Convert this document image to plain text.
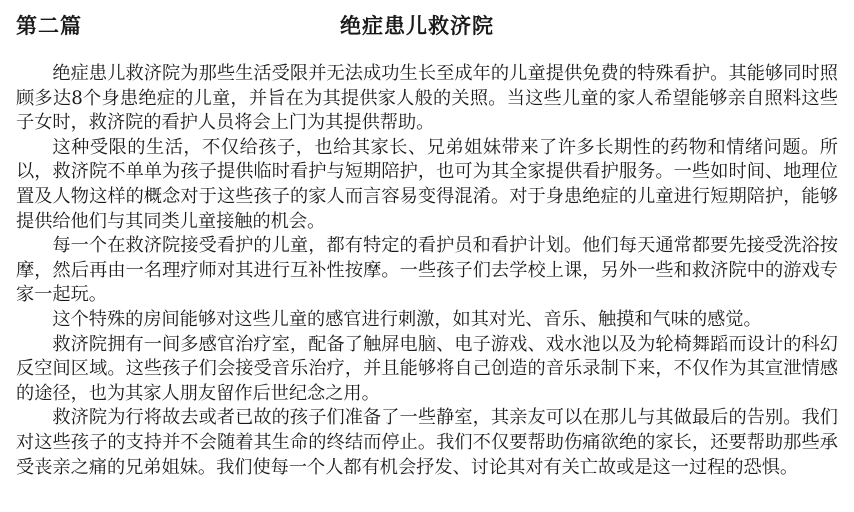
第二篇	绝症患儿救济院

绝症患儿救济院为那些生活受限并无法成功生长至成年的儿童提供免费的特殊看护。其能够同时照顾多达8个身患绝症的儿童，并旨在为其提供家人般的关照。当这些儿童的家人希望能够亲自照料这些子女时，救济院的看护人员将会上门为其提供帮助。

这种受限的生活，不仅给孩子，也给其家长、兄弟姐妹带来了许多长期性的药物和情绪问题。所以，救济院不单单为孩子提供临时看护与短期陪护，也可为其全家提供看护服务。一些如时间、地理位置及人物这样的概念对于这些孩子的家人而言容易变得混淆。对于身患绝症的儿童进行短期陪护，能够提供给他们与其同类儿童接触的机会。

每一个在救济院接受看护的儿童，都有特定的看护员和看护计划。他们每天通常都要先接受洗浴按摩，然后再由一名理疗师对其进行互补性按摩。一些孩子们去学校上课，另外一些和救济院中的游戏专家一起玩。

这个特殊的房间能够对这些儿童的感官进行刺激，如其对光、音乐、触摸和气味的感觉。

救济院拥有一间多感官治疗室，配备了触屏电脑、电子游戏、戏水池以及为轮椅舞蹈而设计的科幻反空间区域。这些孩子们会接受音乐治疗，并且能够将自己创造的音乐录制下来，不仅作为其宣泄情感的途径，也为其家人朋友留作后世纪念之用。

救济院为行将故去或者已故的孩子们准备了一些静室，其亲友可以在那儿与其做最后的告别。我们对这些孩子的支持并不会随着其生命的终结而停止。我们不仅要帮助伤痛欲绝的家长，还要帮助那些承受丧亲之痛的兄弟姐妹。我们使每一个人都有机会抒发、讨论其对有关亡故或是这一过程的恐惧。
